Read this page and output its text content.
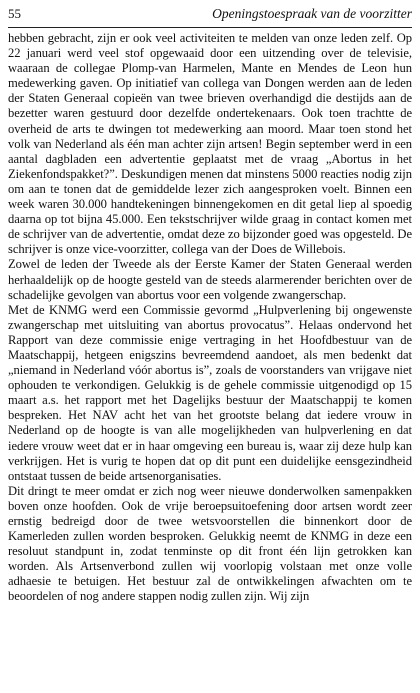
55	Openingstoespraak van de voorzitter

hebben gebracht, zijn er ook veel activiteiten te melden van onze leden zelf. Op 22 januari werd veel stof opgewaaid door een uitzending over de televisie, waaraan de collegae Plomp-van Harmelen, Mante en Mendes de Leon hun medewerking gaven. Op initiatief van collega van Dongen werden aan de leden der Staten Generaal copieën van twee brieven overhandigd die destijds aan de bezetter waren gestuurd door dezelfde ondertekenaars. Ook toen trachtte de overheid de arts te dwingen tot medewerking aan moord. Maar toen stond het volk van Nederland als één man achter zijn artsen! Begin september werd in een aantal dagbladen een advertentie geplaatst met de vraag „Abortus in het Ziekenfondspakket?”. Deskundigen menen dat minstens 5000 reacties nodig zijn om aan te tonen dat de gemiddelde lezer zich aangesproken voelt. Binnen een week waren 30.000 handtekeningen binnengekomen en dit getal liep al spoedig daarna op tot bijna 45.000. Een tekstschrijver wilde graag in contact komen met de schrijver van de advertentie, omdat deze zo bijzonder goed was opgesteld. De schrijver is onze vice-voorzitter, collega van der Does de Willebois.

Zowel de leden der Tweede als der Eerste Kamer der Staten Generaal werden herhaaldelijk op de hoogte gesteld van de steeds alarmerender berichten over de schadelijke gevolgen van abortus voor een volgende zwangerschap.

Met de KNMG werd een Commissie gevormd „Hulpverlening bij ongewenste zwangerschap met uitsluiting van abortus provocatus”. Helaas ondervond het Rapport van deze commissie enige vertraging in het Hoofdbestuur van de Maatschappij, hetgeen enigszins bevreemdend aandoet, als men bedenkt dat „niemand in Nederland vóór abortus is”, zoals de voorstanders van vrijgave niet ophouden te verkondigen. Gelukkig is de gehele commissie uitgenodigd op 15 maart a.s. het rapport met het Dagelijks bestuur der Maatschappij te komen bespreken. Het NAV acht het van het grootste belang dat iedere vrouw in Nederland op de hoogte is van alle mogelijkheden van hulpverlening en dat iedere vrouw weet dat er in haar omgeving een bureau is, waar zij deze hulp kan verkrijgen. Het is vurig te hopen dat op dit punt een duidelijke eensgezindheid ontstaat tussen de beide artsenorganisaties.

Dit dringt te meer omdat er zich nog weer nieuwe donderwolken samenpakken boven onze hoofden. Ook de vrije beroepsuitoefening door artsen wordt zeer ernstig bedreigd door de twee wetsvoorstellen die binnenkort door de Kamerleden zullen worden besproken. Gelukkig neemt de KNMG in deze een resoluut standpunt in, zodat tenminste op dit front één lijn getrokken kan worden. Als Artsenverbond zullen wij voorlopig volstaan met onze volle adhaesie te betuigen. Het bestuur zal de ontwikkelingen afwachten om te beoordelen of nog andere stappen nodig zullen zijn. Wij zijn
